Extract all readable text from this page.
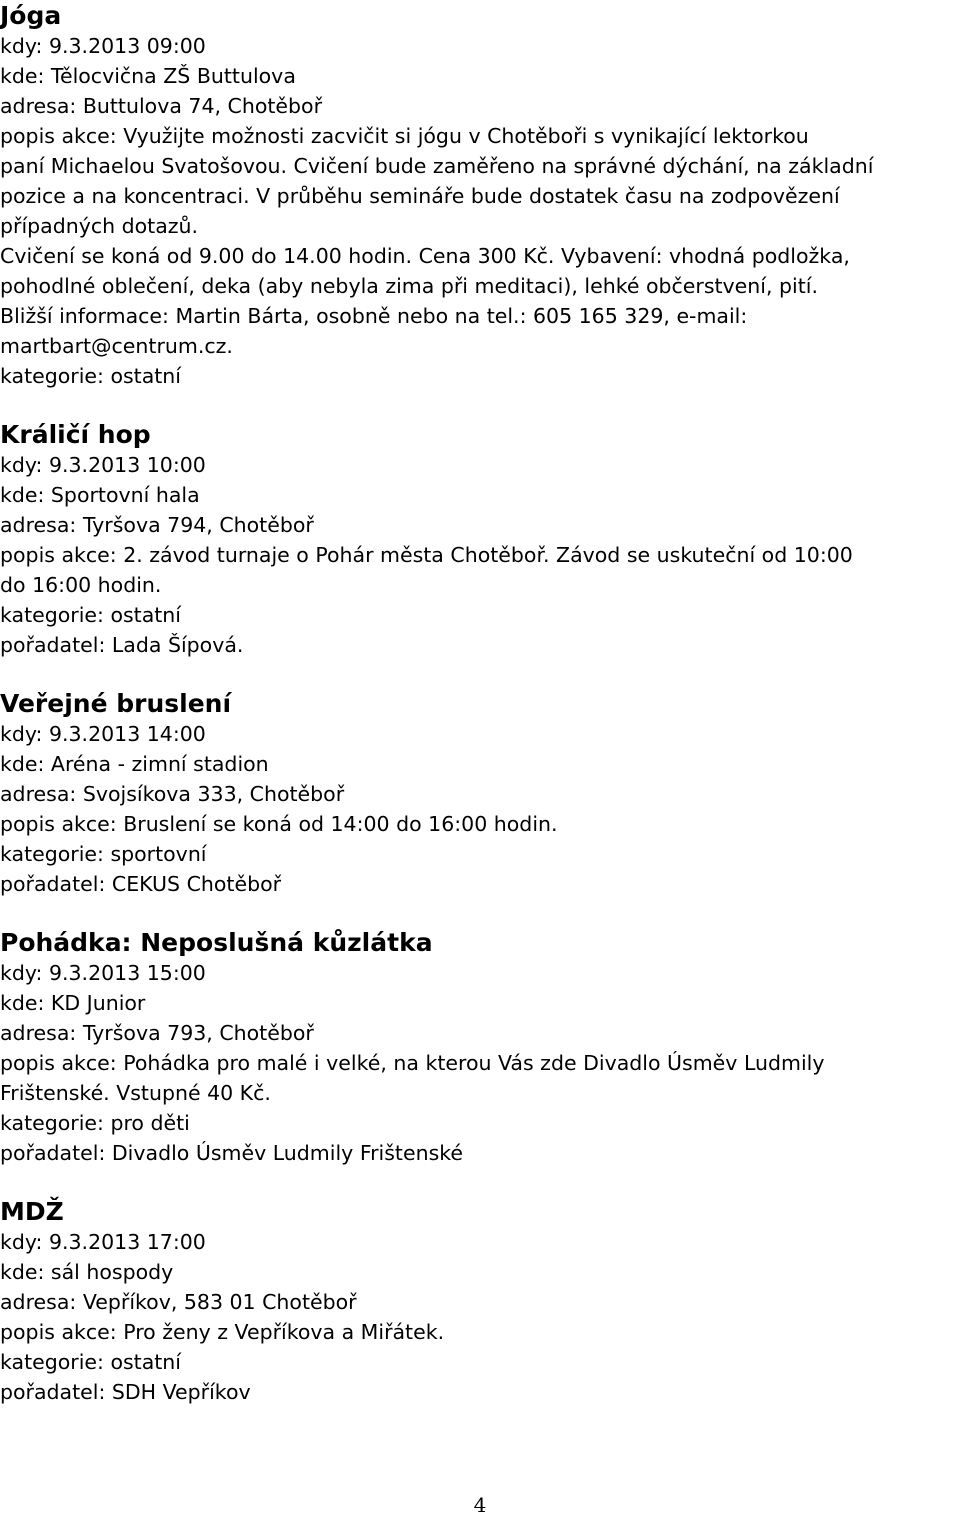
Jóga

kdy: 9.3.2013 09:00

kde: Tělocvična ZŠ Buttulova

adresa: Buttulova 74, Chotěboř

popis akce: Využijte možnosti zacvičit si jógu v Chotěboři s vynikající lektorkou

paní Michaelou Svatošovou. Cvičení bude zaměřeno na správné dýchání, na základní

pozice a na koncentraci. V průběhu semináře bude dostatek času na zodpovězení

případných dotazů.

Cvičení se koná od 9.00 do 14.00 hodin. Cena 300 Kč. Vybavení: vhodná podložka,

pohodlné oblečení, deka (aby nebyla zima při meditaci), lehké občerstvení, pití.

Bližší informace: Martin Bárta, osobně nebo na tel.: 605 165 329, e-mail:

martbart@centrum.cz.

kategorie: ostatní

Králičí hop

kdy: 9.3.2013 10:00

kde: Sportovní hala

adresa: Tyršova 794, Chotěboř

popis akce: 2. závod turnaje o Pohár města Chotěboř. Závod se uskuteční od 10:00

do 16:00 hodin.

kategorie: ostatní

pořadatel: Lada Šípová.

Veřejné bruslení

kdy: 9.3.2013 14:00

kde: Aréna - zimní stadion

adresa: Svojsíkova 333, Chotěboř

popis akce: Bruslení se koná od 14:00 do 16:00 hodin.

kategorie: sportovní

pořadatel: CEKUS Chotěboř

Pohádka: Neposlušná kůzlátka

kdy: 9.3.2013 15:00

kde: KD Junior

adresa: Tyršova 793, Chotěboř

popis akce: Pohádka pro malé i velké, na kterou Vás zde Divadlo Úsměv Ludmily

Frištenské. Vstupné 40 Kč.

kategorie: pro děti

pořadatel: Divadlo Úsměv Ludmily Frištenské

MDŽ

kdy: 9.3.2013 17:00

kde: sál hospody

adresa: Vepříkov, 583 01 Chotěboř

popis akce: Pro ženy z Vepříkova a Miřátek.

kategorie: ostatní

pořadatel: SDH Vepříkov

4
